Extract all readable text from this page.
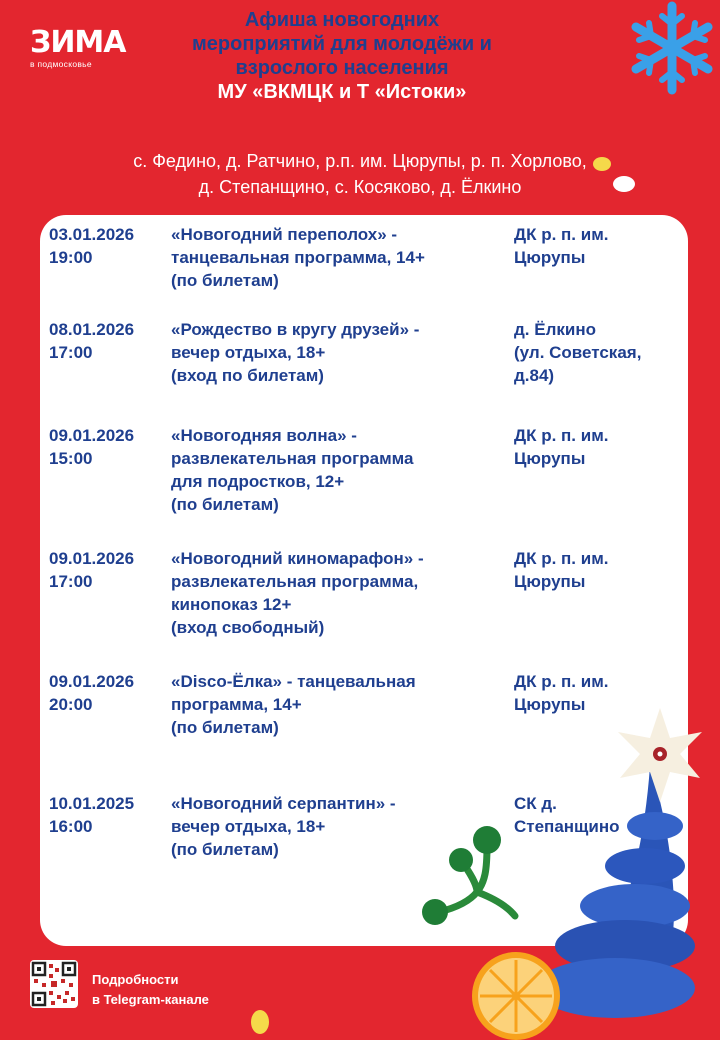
ЗИМА
в подмосковье
Афиша новогодних
мероприятий для молодёжи и
взрослого населения
МУ «ВКМЦК и Т «Истоки»
с. Федино, д. Ратчино, р.п. им. Цюрупы, р. п. Хорлово,
д. Степанщино, с. Косяково, д. Ёлкино
03.01.2026
19:00
«Новогодний переполох» -
танцевальная программа, 14+
(по билетам)
ДК р. п. им.
Цюрупы
08.01.2026
17:00
«Рождество в кругу друзей» -
вечер отдыха, 18+
(вход по билетам)
д. Ёлкино
(ул. Советская,
д.84)
09.01.2026
15:00
«Новогодняя волна» -
развлекательная программа
для подростков, 12+
(по билетам)
ДК р. п. им.
Цюрупы
09.01.2026
17:00
«Новогодний киномарафон» -
развлекательная программа,
кинопоказ 12+
(вход свободный)
ДК р. п. им.
Цюрупы
09.01.2026
20:00
«Disco-Ёлка» - танцевальная
программа, 14+
(по билетам)
ДК р. п. им.
Цюрупы
10.01.2025
16:00
«Новогодний серпантин» -
вечер отдыха, 18+
(по билетам)
СК д.
Степанщино
Подробности
в Telegram-канале
